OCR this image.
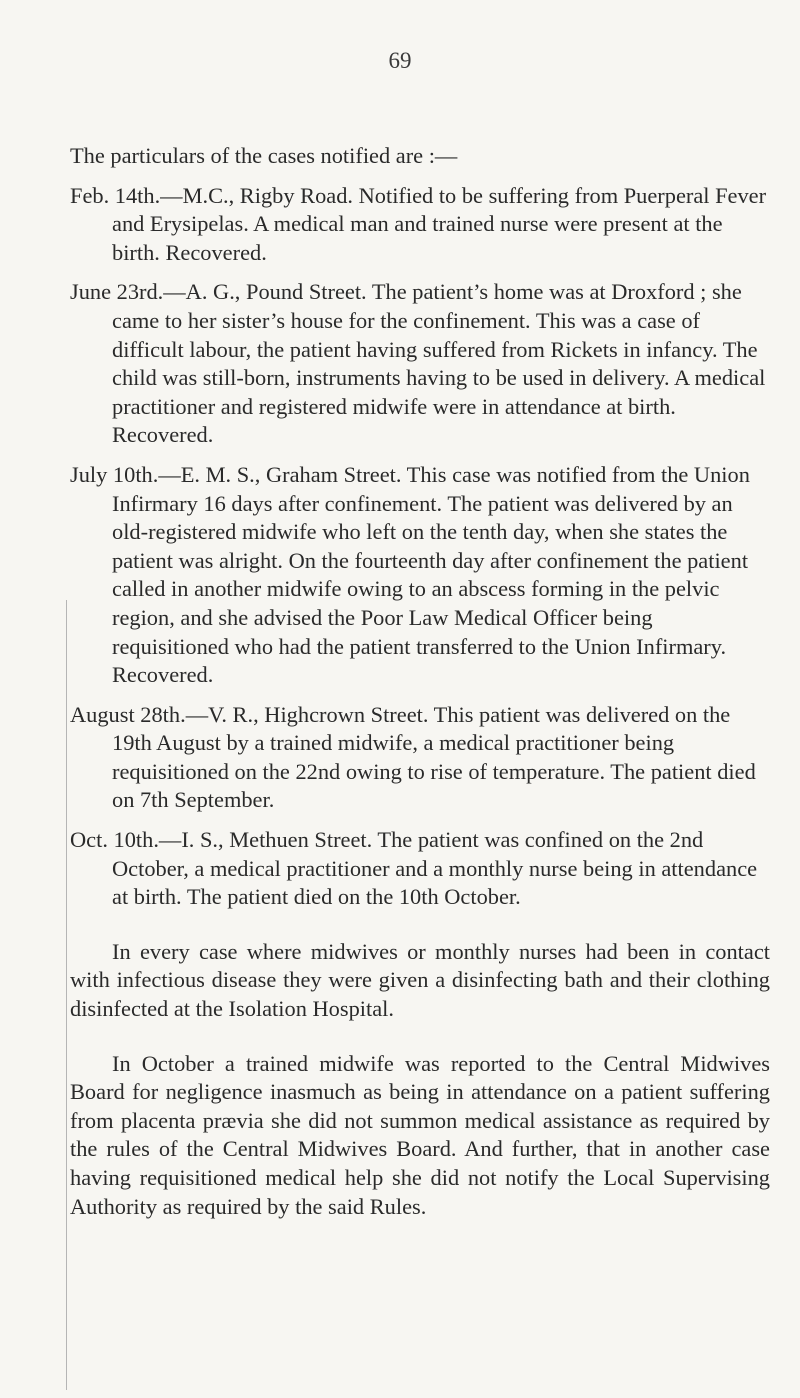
69

The particulars of the cases notified are :—

Feb. 14th.—M.C., Rigby Road. Notified to be suffering from Puerperal Fever and Erysipelas. A medical man and trained nurse were present at the birth. Recovered.

June 23rd.—A. G., Pound Street. The patient’s home was at Droxford ; she came to her sister’s house for the confinement. This was a case of difficult labour, the patient having suffered from Rickets in infancy. The child was still-born, instruments having to be used in delivery. A medical practitioner and registered midwife were in attendance at birth. Recovered.

July 10th.—E. M. S., Graham Street. This case was notified from the Union Infirmary 16 days after confinement. The patient was delivered by an old-registered midwife who left on the tenth day, when she states the patient was alright. On the fourteenth day after confinement the patient called in another midwife owing to an abscess forming in the pelvic region, and she advised the Poor Law Medical Officer being requisitioned who had the patient transferred to the Union Infirmary. Recovered.

August 28th.—V. R., Highcrown Street. This patient was delivered on the 19th August by a trained midwife, a medical practitioner being requisitioned on the 22nd owing to rise of temperature. The patient died on 7th September.

Oct. 10th.—I. S., Methuen Street. The patient was confined on the 2nd October, a medical practitioner and a monthly nurse being in attendance at birth. The patient died on the 10th October.

In every case where midwives or monthly nurses had been in contact with infectious disease they were given a disinfecting bath and their clothing disinfected at the Isolation Hospital.

In October a trained midwife was reported to the Central Midwives Board for negligence inasmuch as being in attendance on a patient suffering from placenta prævia she did not summon medical assistance as required by the rules of the Central Midwives Board. And further, that in another case having requisitioned medical help she did not notify the Local Supervising Authority as required by the said Rules.
